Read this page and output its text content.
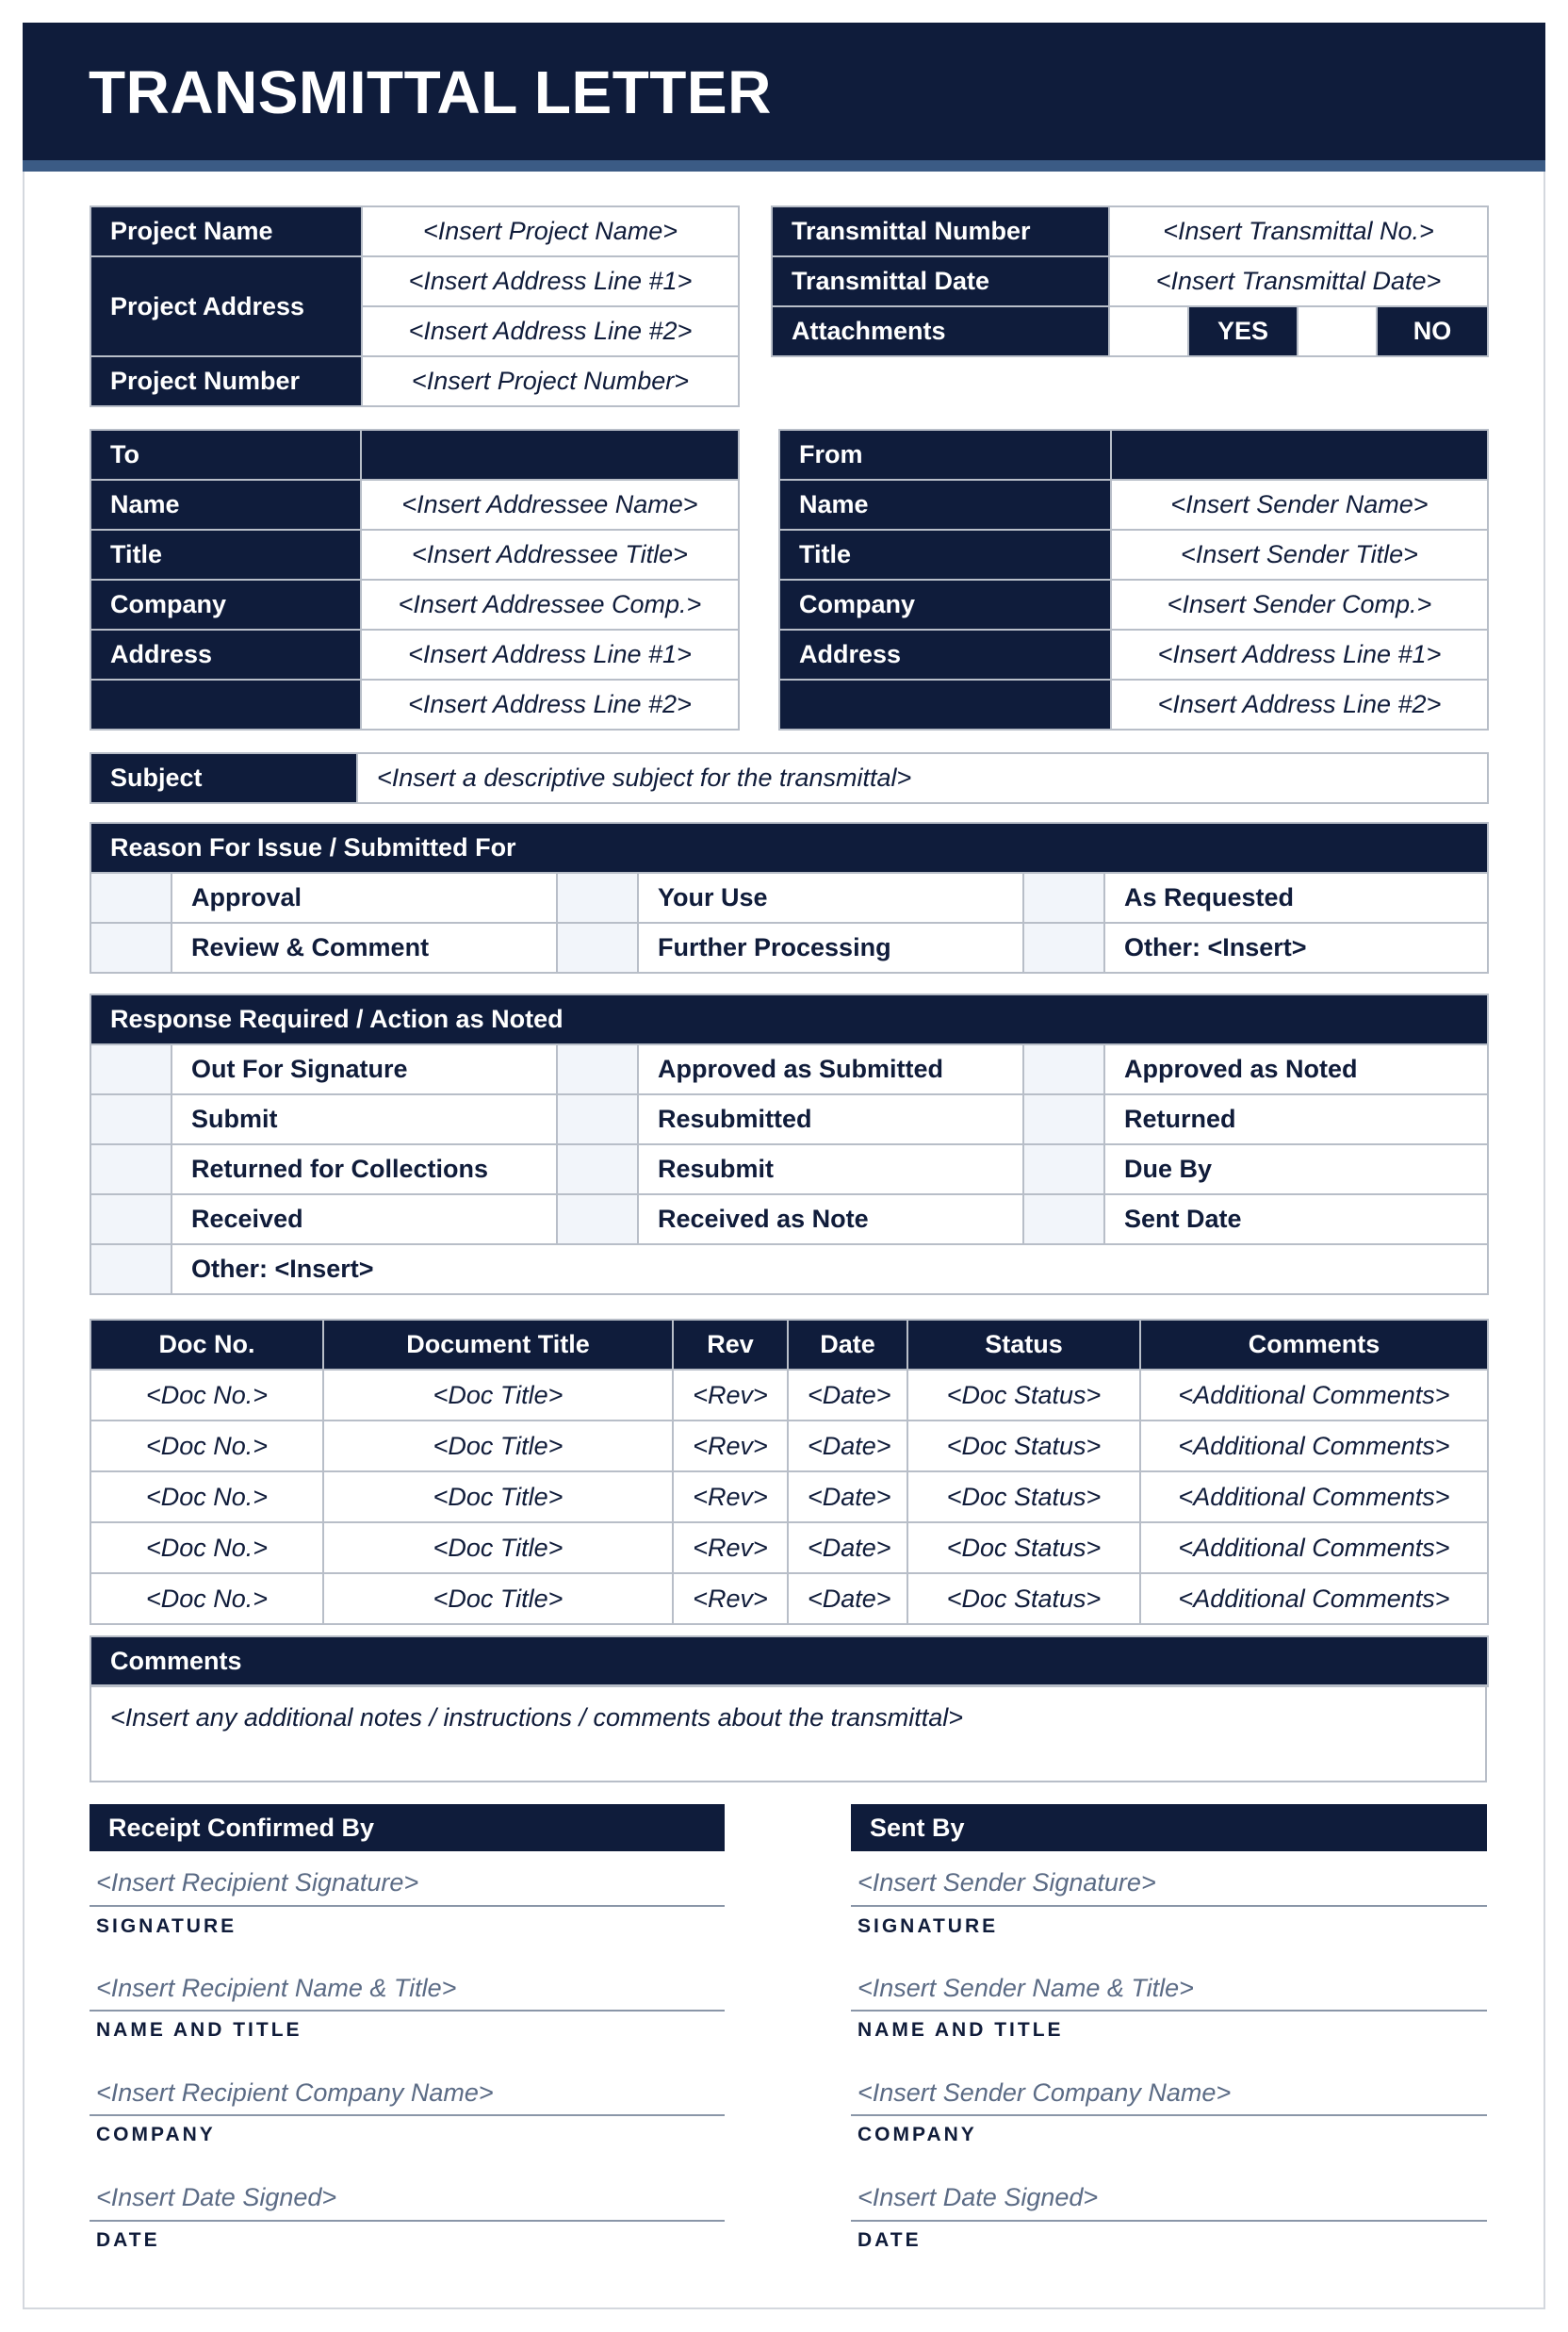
TRANSMITTAL LETTER
Project Name	<Insert Project Name>
Project Address	<Insert Address Line #1>
	<Insert Address Line #2>
Project Number	<Insert Project Number>
Transmittal Number	<Insert Transmittal No.>			
Transmittal Date	<Insert Transmittal Date>			
Attachments		YES		NO
To	
Name	<Insert Addressee Name>
Title	<Insert Addressee Title>
Company	<Insert Addressee Comp.>
Address	<Insert Address Line #1>
	<Insert Address Line #2>
From	
Name	<Insert Sender Name>
Title	<Insert Sender Title>
Company	<Insert Sender Comp.>
Address	<Insert Address Line #1>
	<Insert Address Line #2>
Subject	<Insert a descriptive subject for the transmittal>
Reason For Issue / Submitted For					
	Approval		Your Use		As Requested
	Review & Comment		Further Processing		Other: <Insert>
Response Required / Action as Noted					
	Out For Signature		Approved as Submitted		Approved as Noted
	Submit		Resubmitted		Returned
	Returned for Collections		Resubmit		Due By
	Received		Received as Note		Sent Date
	Other: <Insert>				
Doc No.	Document Title	Rev	Date	Status	Comments
<Doc No.>	<Doc Title>	<Rev>	<Date>	<Doc Status>	<Additional Comments>
<Doc No.>	<Doc Title>	<Rev>	<Date>	<Doc Status>	<Additional Comments>
<Doc No.>	<Doc Title>	<Rev>	<Date>	<Doc Status>	<Additional Comments>
<Doc No.>	<Doc Title>	<Rev>	<Date>	<Doc Status>	<Additional Comments>
<Doc No.>	<Doc Title>	<Rev>	<Date>	<Doc Status>	<Additional Comments>
Comments
<Insert any additional notes / instructions / comments about the transmittal>
Receipt Confirmed By
<Insert Recipient Signature>
SIGNATURE
<Insert Recipient Name & Title>
NAME AND TITLE
<Insert Recipient Company Name>
COMPANY
<Insert Date Signed>
DATE
Sent By
<Insert Sender Signature>
SIGNATURE
<Insert Sender Name & Title>
NAME AND TITLE
<Insert Sender Company Name>
COMPANY
<Insert Date Signed>
DATE
